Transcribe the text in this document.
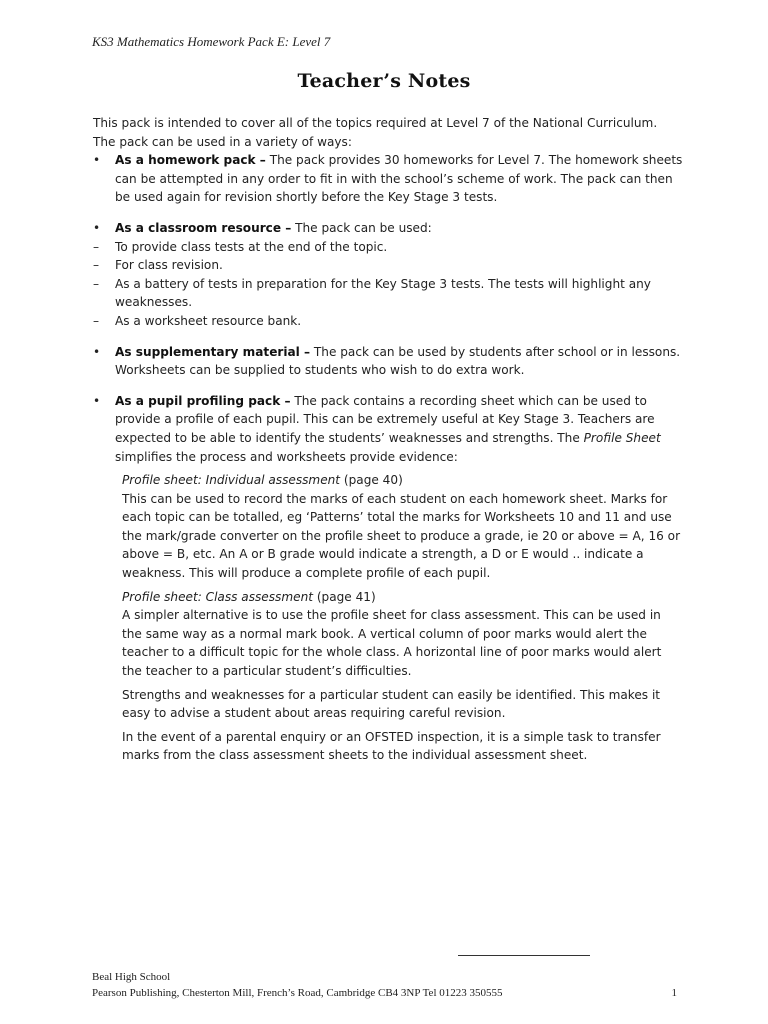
KS3 Mathematics Homework Pack E: Level 7
Teacher’s Notes

This pack is intended to cover all of the topics required at Level 7 of the National Curriculum. The pack can be used in a variety of ways:

• As a homework pack – The pack provides 30 homeworks for Level 7. The homework sheets can be attempted in any order to fit in with the school’s scheme of work. The pack can then be used again for revision shortly before the Key Stage 3 tests.

• As a classroom resource – The pack can be used:

– To provide class tests at the end of the topic.
– For class revision.
– As a battery of tests in preparation for the Key Stage 3 tests. The tests will highlight any weaknesses.
– As a worksheet resource bank.
• As supplementary material – The pack can be used by students after school or in lessons. Worksheets can be supplied to students who wish to do extra work.

• As a pupil profiling pack – The pack contains a recording sheet which can be used to provide a profile of each pupil. This can be extremely useful at Key Stage 3. Teachers are expected to be able to identify the students’ weaknesses and strengths. The Profile Sheet simplifies the process and worksheets provide evidence:

Profile sheet: Individual assessment (page 40)

This can be used to record the marks of each student on each homework sheet. Marks for each topic can be totalled, eg ‘Patterns’ total the marks for Worksheets 10 and 11 and use the mark/grade converter on the profile sheet to produce a grade, ie 20 or above = A, 16 or above = B, etc. An A or B grade would indicate a strength, a D or E would .. indicate a weakness. This will produce a complete profile of each pupil.

Profile sheet: Class assessment (page 41)

A simpler alternative is to use the profile sheet for class assessment. This can be used in the same way as a normal mark book. A vertical column of poor marks would alert the teacher to a difficult topic for the whole class. A horizontal line of poor marks would alert the teacher to a particular student’s difficulties.

Strengths and weaknesses for a particular student can easily be identified. This makes it easy to advise a student about areas requiring careful revision.

In the event of a parental enquiry or an OFSTED inspection, it is a simple task to transfer marks from the class assessment sheets to the individual assessment sheet.

Beal High School
Pearson Publishing, Chesterton Mill, French’s Road, Cambridge CB4 3NP Tel 01223 350555	1
